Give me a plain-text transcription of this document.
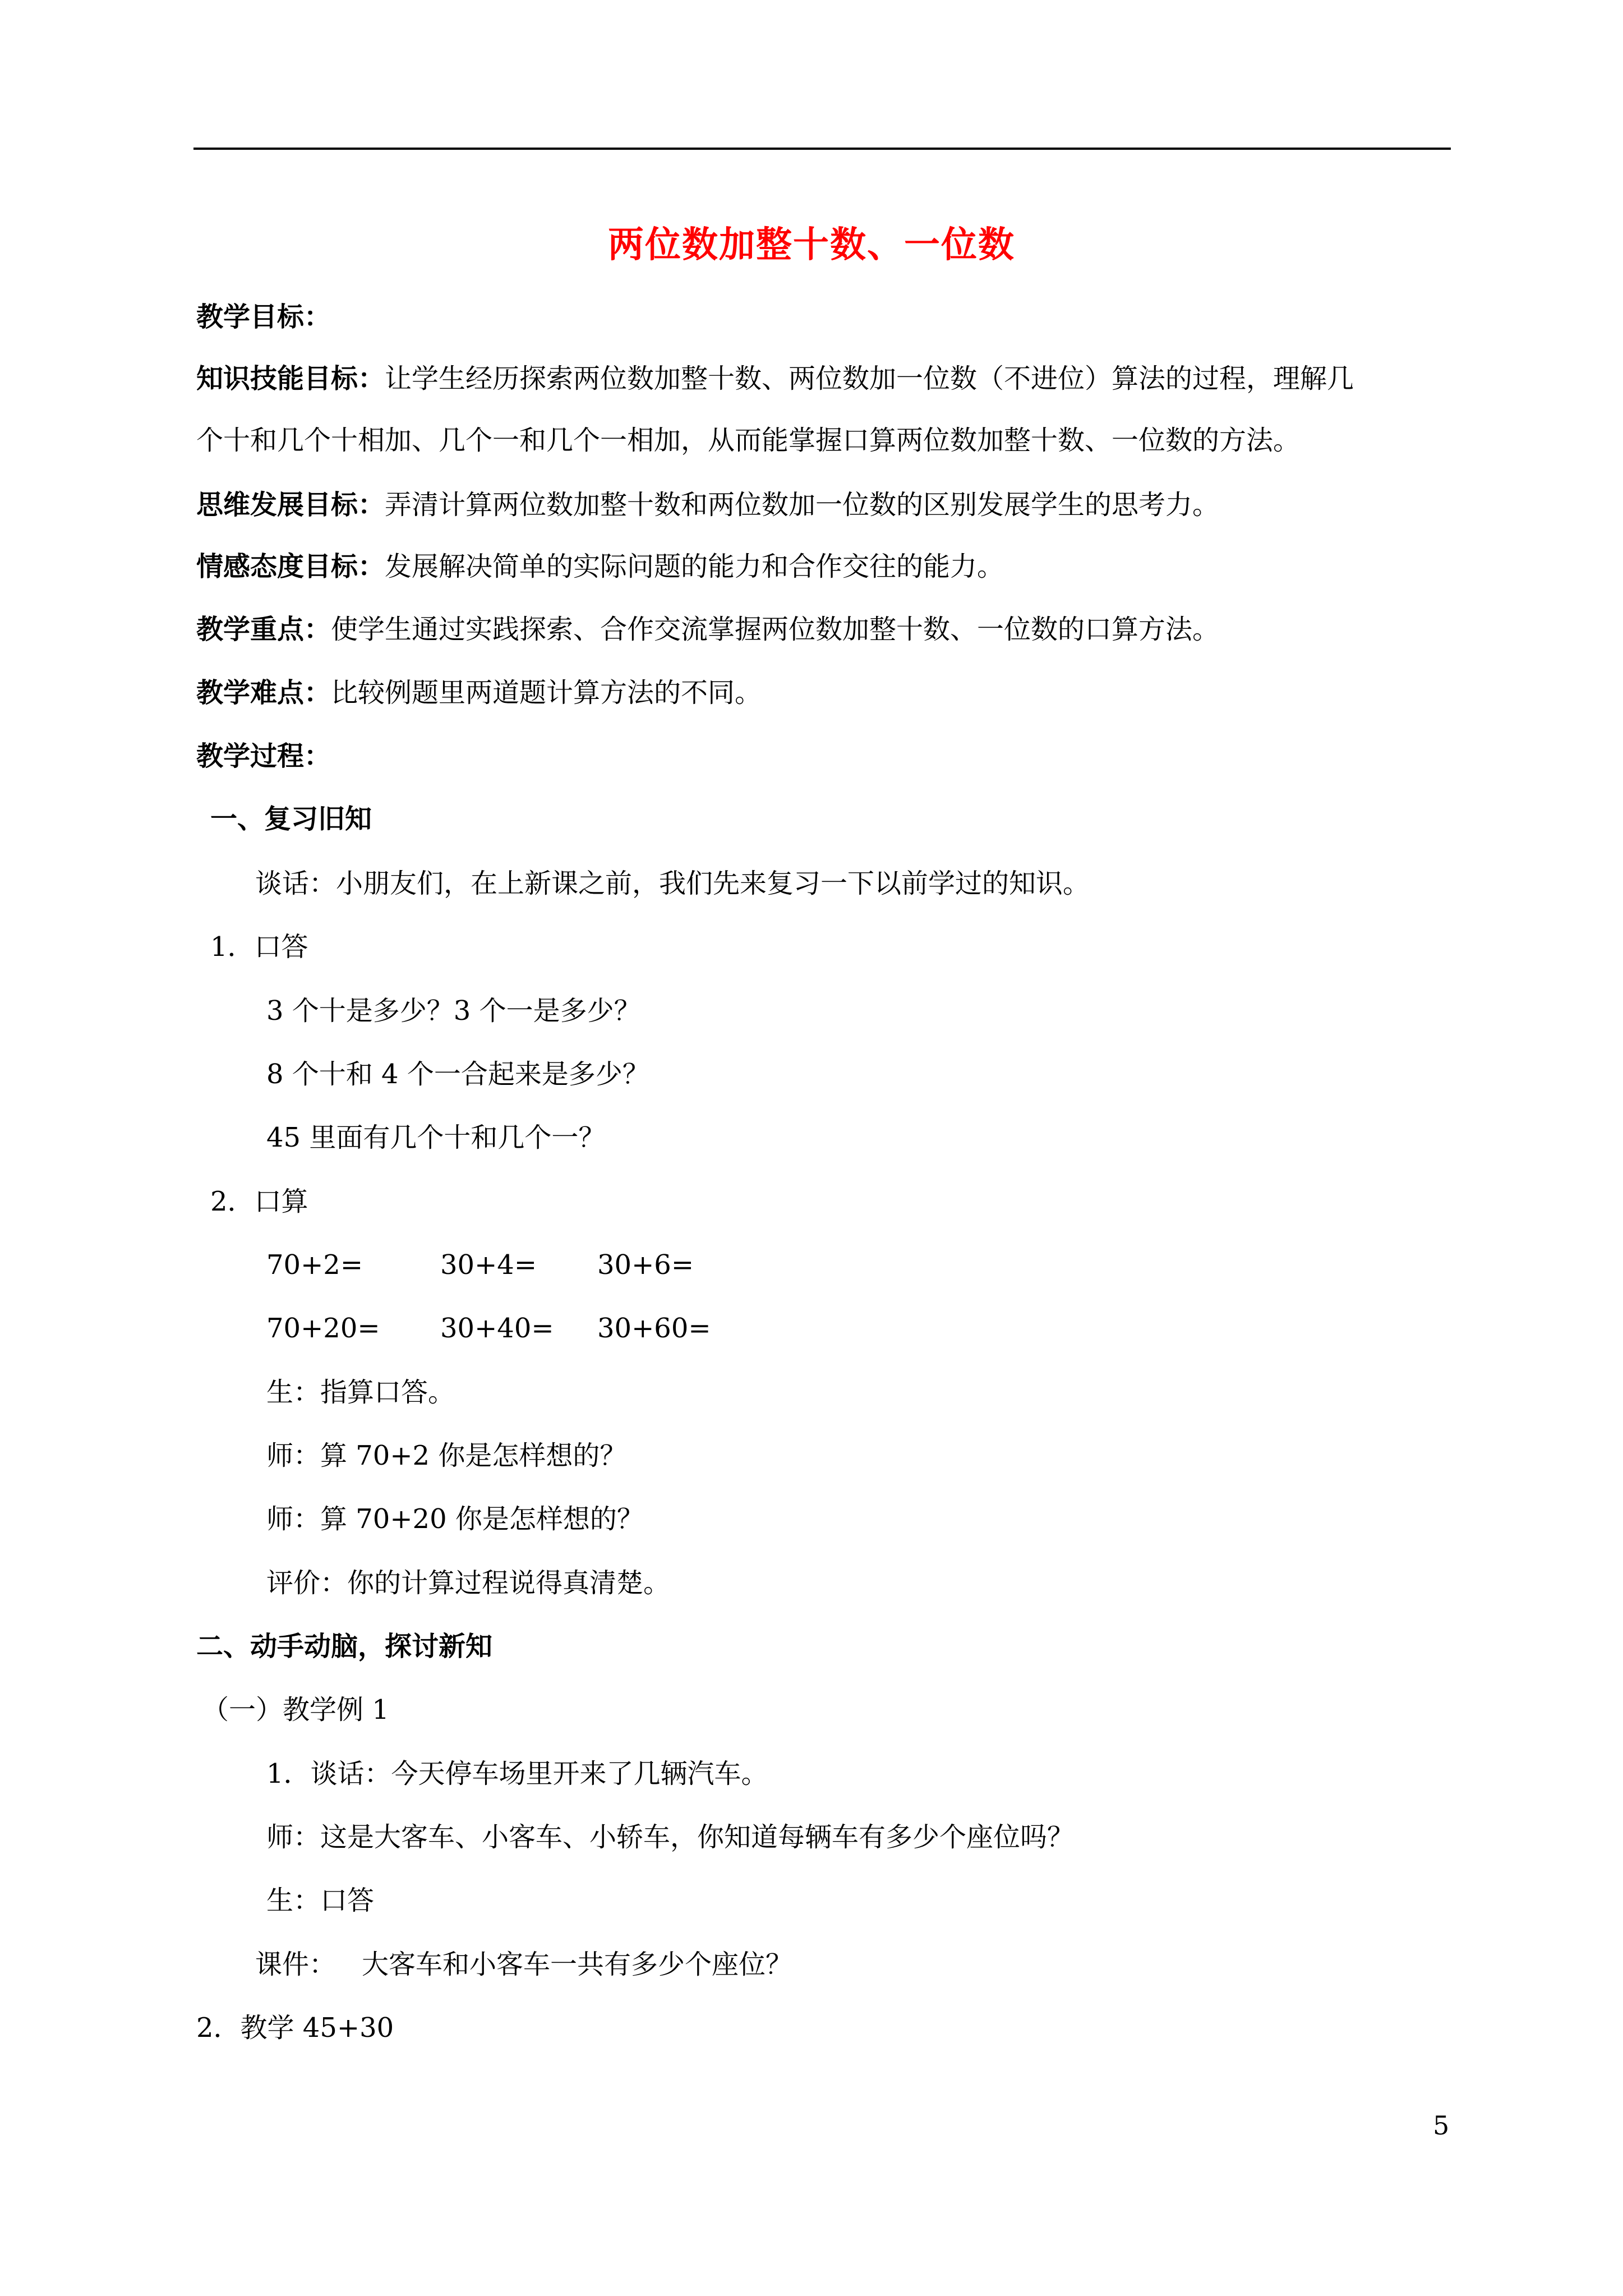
两位数加整十数、一位数
教学目标：
知识技能目标：让学生经历探索两位数加整十数、两位数加一位数（不进位）算法的过程，理解几
个十和几个十相加、几个一和几个一相加，从而能掌握口算两位数加整十数、一位数的方法。
思维发展目标：弄清计算两位数加整十数和两位数加一位数的区别发展学生的思考力。
情感态度目标：发展解决简单的实际问题的能力和合作交往的能力。
教学重点：使学生通过实践探索、合作交流掌握两位数加整十数、一位数的口算方法。
教学难点：比较例题里两道题计算方法的不同。
教学过程：
一、复习旧知
谈话：小朋友们，在上新课之前，我们先来复习一下以前学过的知识。
1．口答
3 个十是多少？3 个一是多少？
8 个十和 4 个一合起来是多少？
45 里面有几个十和几个一？
2．口算
70+2=	30+4= 30+6=
70+20= 30+40= 30+60=
生：指算口答。
师：算 70+2 你是怎样想的？
师：算 70+20 你是怎样想的？
评价：你的计算过程说得真清楚。
二、动手动脑，探讨新知
（一）教学例 1
1．谈话：今天停车场里开来了几辆汽车。
师：这是大客车、小客车、小轿车，你知道每辆车有多少个座位吗？
生：口答
课件： 大客车和小客车一共有多少个座位？
2．教学 45+30
5
